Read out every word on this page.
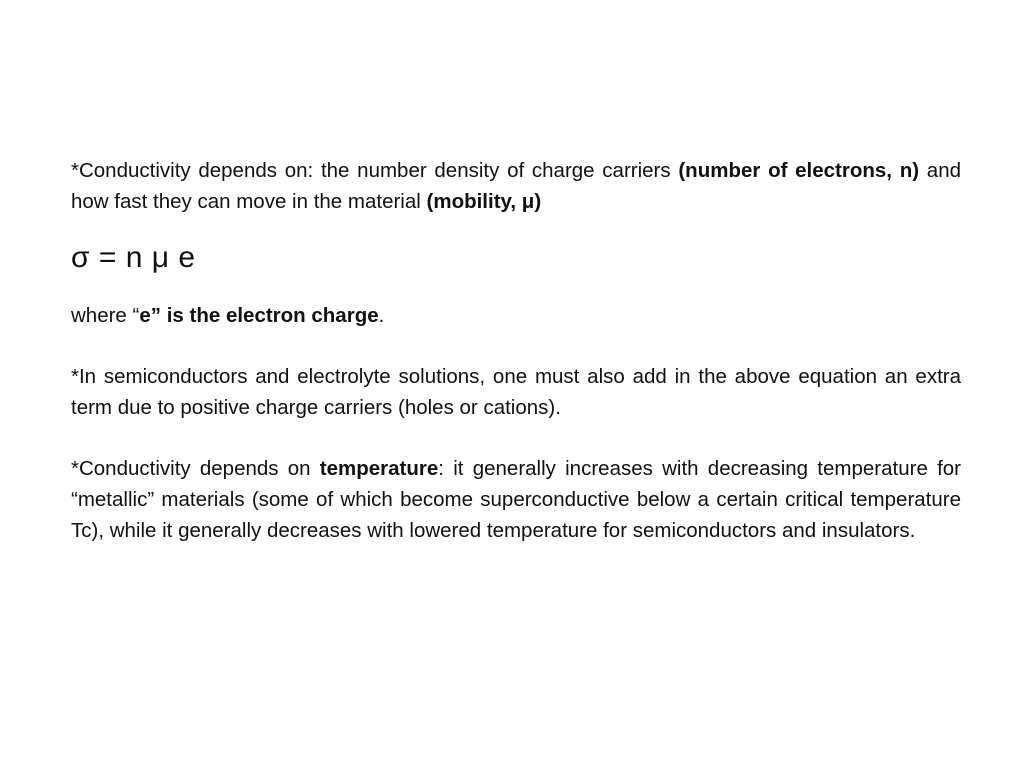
*Conductivity depends on: the number density of charge carriers (number of electrons, n) and how fast they can move in the material (mobility, μ)

σ = n μ e

where “e” is the electron charge.

*In semiconductors and electrolyte solutions, one must also add in the above equation an extra term due to positive charge carriers (holes or cations).

*Conductivity depends on temperature: it generally increases with decreasing temperature for “metallic” materials (some of which become superconductive below a certain critical temperature Tc), while it generally decreases with lowered temperature for semiconductors and insulators.
